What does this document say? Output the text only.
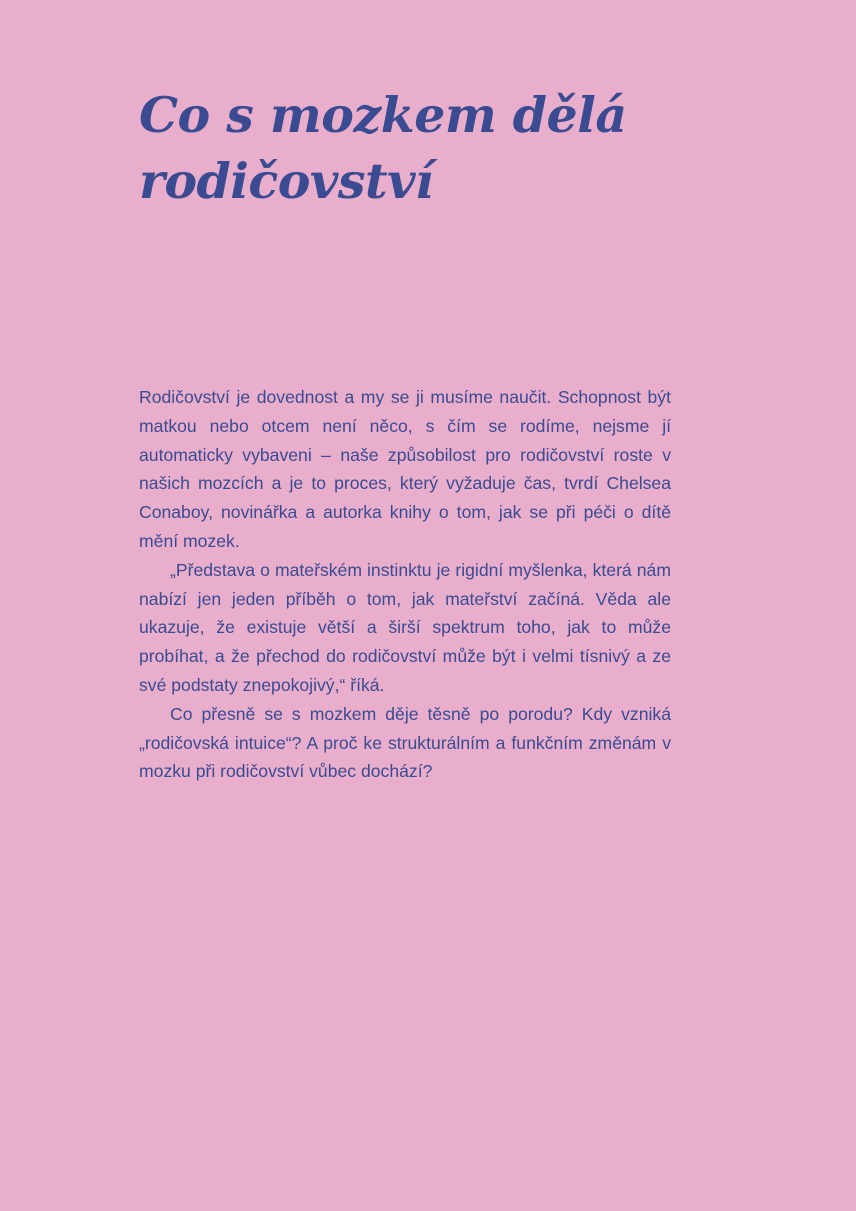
Co s mozkem dělá
rodičovství

Rodičovství je dovednost a my se ji musíme naučit. Schopnost být matkou nebo otcem není něco, s čím se rodíme, nejsme jí automaticky vybaveni – naše způsobilost pro rodičovství roste v našich mozcích a je to proces, který vyžaduje čas, tvrdí Chelsea Conaboy, novinářka a autorka knihy o tom, jak se při péči o dítě mění mozek.

„Představa o mateřském instinktu je rigidní myšlenka, která nám nabízí jen jeden příběh o tom, jak mateřství začíná. Věda ale ukazuje, že existuje větší a širší spektrum toho, jak to může probíhat, a že přechod do rodičovství může být i velmi tísnivý a ze své podstaty znepokojivý,“ říká.

Co přesně se s mozkem děje těsně po porodu? Kdy vzniká „rodičovská intuice“? A proč ke strukturálním a funkčním změnám v mozku při rodičovství vůbec dochází?
